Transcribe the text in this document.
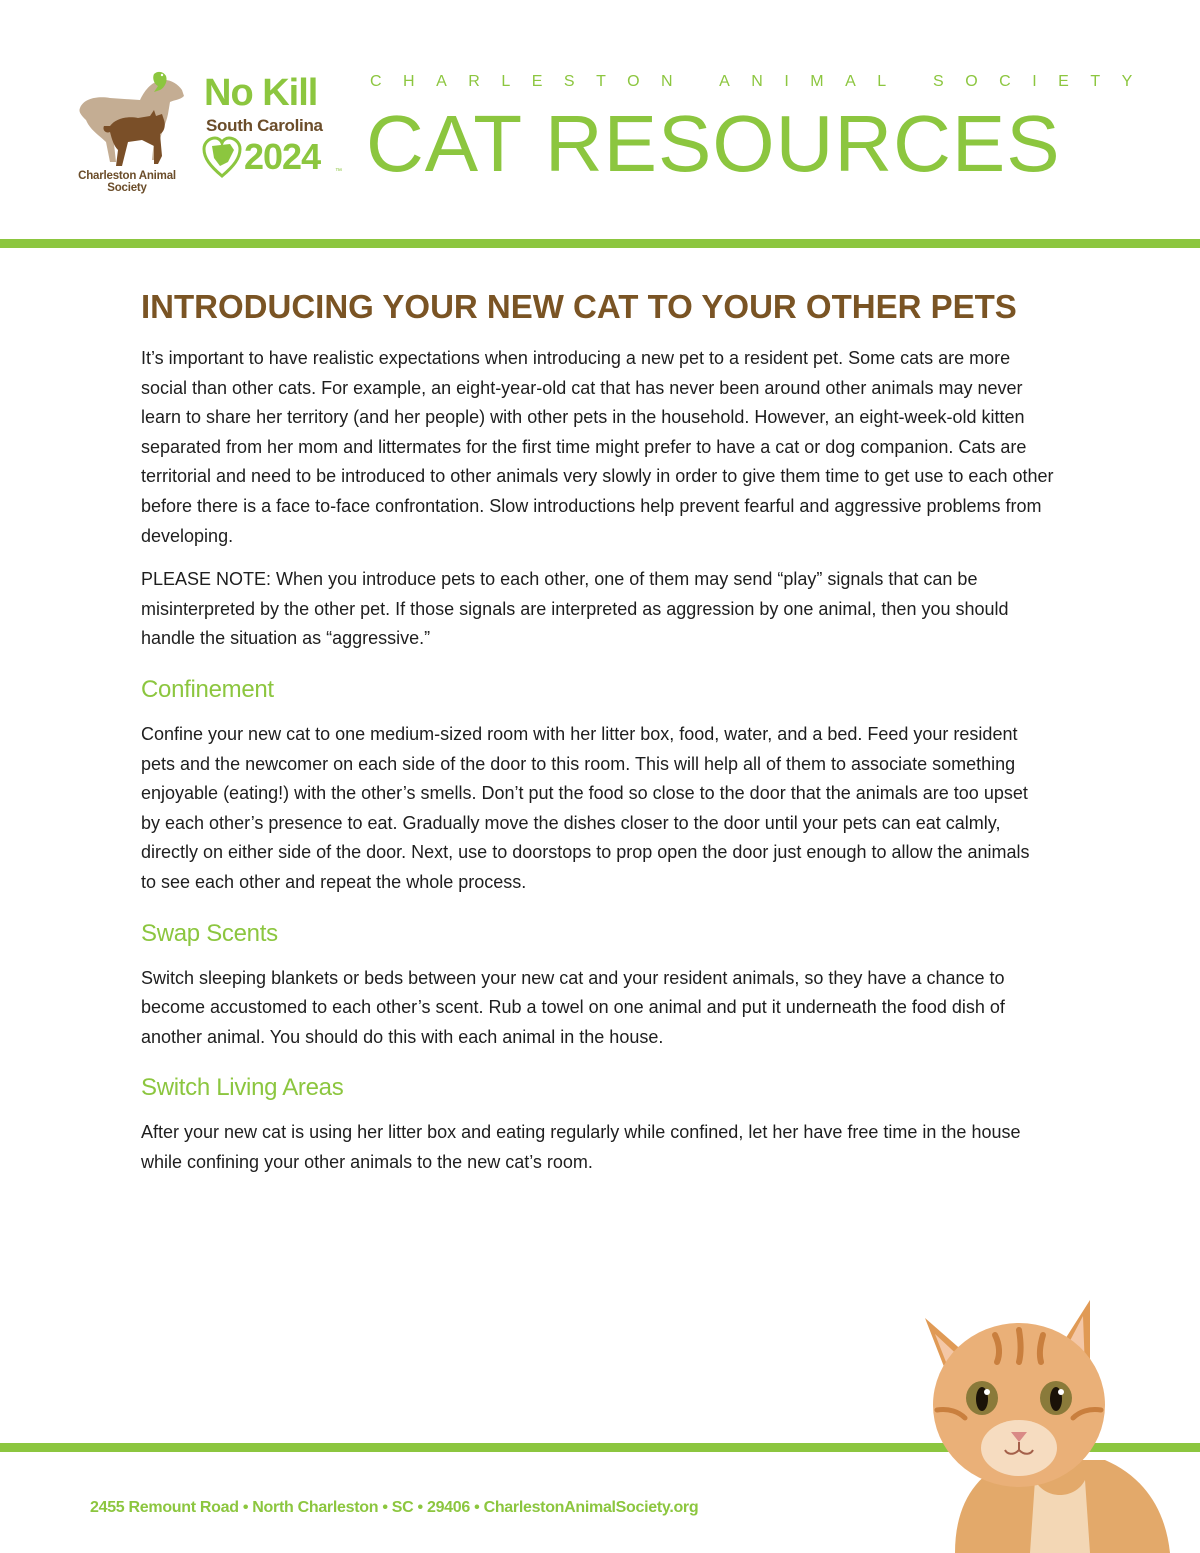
Charleston Animal Society
No Kill
South Carolina
2024 ™
CHARLESTON ANIMAL SOCIETY
CAT RESOURCES
INTRODUCING YOUR NEW CAT TO YOUR OTHER PETS

It’s important to have realistic expectations when introducing a new pet to a resident pet. Some cats are more social than other cats. For example, an eight-year-old cat that has never been around other animals may never learn to share her territory (and her people) with other pets in the household. However, an eight-week-old kitten separated from her mom and littermates for the first time might prefer to have a cat or dog companion. Cats are territorial and need to be introduced to other animals very slowly in order to give them time to get use to each other before there is a face to-face confrontation. Slow introductions help prevent fearful and aggressive problems from developing.

PLEASE NOTE: When you introduce pets to each other, one of them may send “play” signals that can be misinterpreted by the other pet. If those signals are interpreted as aggression by one animal, then you should handle the situation as “aggressive.”

Confinement

Confine your new cat to one medium-sized room with her litter box, food, water, and a bed. Feed your resident pets and the newcomer on each side of the door to this room. This will help all of them to associate something enjoyable (eating!) with the other’s smells. Don’t put the food so close to the door that the animals are too upset by each other’s presence to eat. Gradually move the dishes closer to the door until your pets can eat calmly, directly on either side of the door. Next, use to doorstops to prop open the door just enough to allow the animals to see each other and repeat the whole process.

Swap Scents

Switch sleeping blankets or beds between your new cat and your resident animals, so they have a chance to become accustomed to each other’s scent. Rub a towel on one animal and put it underneath the food dish of another animal. You should do this with each animal in the house.

Switch Living Areas

After your new cat is using her litter box and eating regularly while confined, let her have free time in the house while confining your other animals to the new cat’s room.

2455 Remount Road • North Charleston • SC • 29406 • CharlestonAnimalSociety.org
